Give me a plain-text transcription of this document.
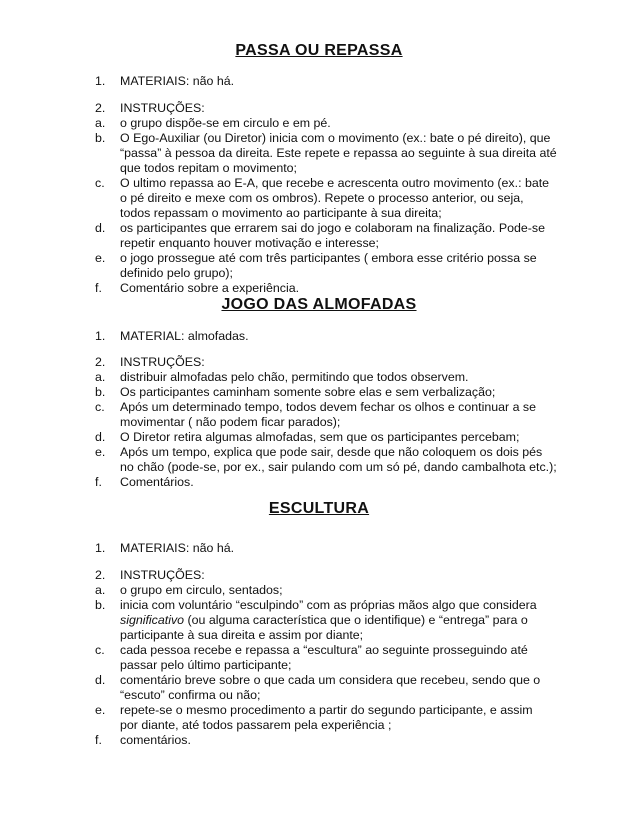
PASSA OU REPASSA
1. MATERIAIS: não há.
2. INSTRUÇÕES:
a. o grupo dispõe-se em circulo e em pé.
b. O Ego-Auxiliar (ou Diretor) inicia com o movimento (ex.: bate o pé direito), que
“passa” à pessoa da direita. Este repete e repassa ao seguinte à sua direita até
que todos repitam o movimento;
c. O ultimo repassa ao E-A, que recebe e acrescenta outro movimento (ex.: bate
o pé direito e mexe com os ombros). Repete o processo anterior, ou seja,
todos repassam o movimento ao participante à sua direita;
d. os participantes que errarem sai do jogo e colaboram na finalização. Pode-se
repetir enquanto houver motivação e interesse;
e. o jogo prossegue até com três participantes ( embora esse critério possa se
definido pelo grupo);
f. Comentário sobre a experiência.
JOGO DAS ALMOFADAS
1. MATERIAL: almofadas.
2. INSTRUÇÕES:
a. distribuir almofadas pelo chão, permitindo que todos observem.
b. Os participantes caminham somente sobre elas e sem verbalização;
c. Após um determinado tempo, todos devem fechar os olhos e continuar a se
movimentar ( não podem ficar parados);
d. O Diretor retira algumas almofadas, sem que os participantes percebam;
e. Após um tempo, explica que pode sair, desde que não coloquem os dois pés
no chão (pode-se, por ex., sair pulando com um só pé, dando cambalhota etc.);
f. Comentários.
ESCULTURA
1. MATERIAIS: não há.
2. INSTRUÇÕES:
a. o grupo em circulo, sentados;
b. inicia com voluntário “esculpindo” com as próprias mãos algo que considera
significativo (ou alguma característica que o identifique) e “entrega” para o
participante à sua direita e assim por diante;
c. cada pessoa recebe e repassa a “escultura” ao seguinte prosseguindo até
passar pelo último participante;
d. comentário breve sobre o que cada um considera que recebeu, sendo que o
“escuto” confirma ou não;
e. repete-se o mesmo procedimento a partir do segundo participante, e assim
por diante, até todos passarem pela experiência ;
f. comentários.
